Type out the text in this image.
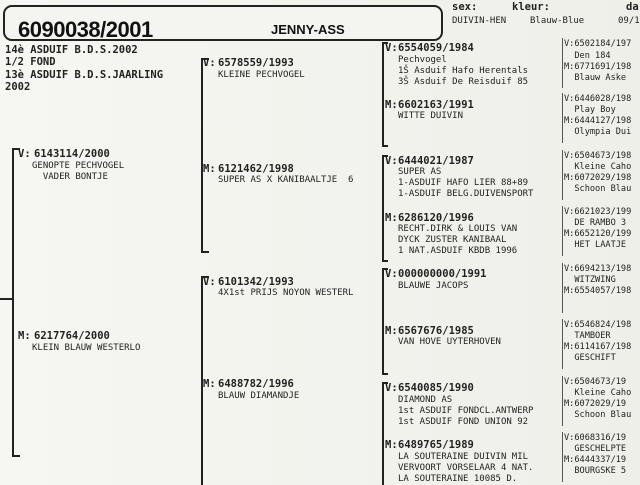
6090038/2001	JENNY-ASS
sex:	kleur:	da
DUIVIN-HEN	Blauw-Blue	09/1
14è ASDUIF B.D.S.2002
1/2 FOND
13è ASDUIF B.D.S.JAARLING
2002
V: 6143114/2000
GENOPTE PECHVOGEL
VADER BONTJE
M: 6217764/2000
KLEIN BLAUW WESTERLO
V: 6578559/1993
KLEINE PECHVOGEL
M: 6121462/1998
SUPER AS X KANIBAALTJE  6
V: 6101342/1993
4X1st PRIJS NOYON WESTERL
M: 6488782/1996
BLAUW DIAMANDJE
V: 6554059/1984
Pechvogel
1Š Asduif Hafo Herentals
3Š Asduif De Reisduif 85
M: 6602163/1991
WITTE DUIVIN
V: 6444021/1987
SUPER AS
1-ASDUIF HAFO LIER 88+89
1-ASDUIF BELG.DUIVENSPORT
M: 6286120/1996
RECHT.DIRK & LOUIS VAN
DYCK ZUSTER KANIBAAL
1 NAT.ASDUIF KBDB 1996
V: 000000000/1991
BLAUWE JACOPS
M: 6567676/1985
VAN HOVE UYTERHOVEN
V: 6540085/1990
DIAMOND AS
1st ASDUIF FONDCL.ANTWERP
1st ASDUIF FOND UNION 92
M: 6489765/1989
LA SOUTERAINE DUIVIN MIL
VERVOORT VORSELAAR 4 NAT.
LA SOUTERAINE 10085 D.
V:6502184/197
Den 184
M:6771691/198
Blauw Aske
V:6446028/198
Play Boy
M:6444127/198
Olympia Dui
V:6504673/198
Kleine Caho
M:6072029/198
Schoon Blau
V:6621023/199
DE RAMBO 3
M:6652120/199
HET LAATJE
V:6694213/198
WITZWING
M:6554057/198
V:6546824/198
TAMBOER
M:6114167/198
GESCHIFT
V:6504673/19
Kleine Caho
M:6072029/19
Schoon Blau
V:6068316/19
GESCHELPTE
M:6444337/19
BOURGSKE 5
